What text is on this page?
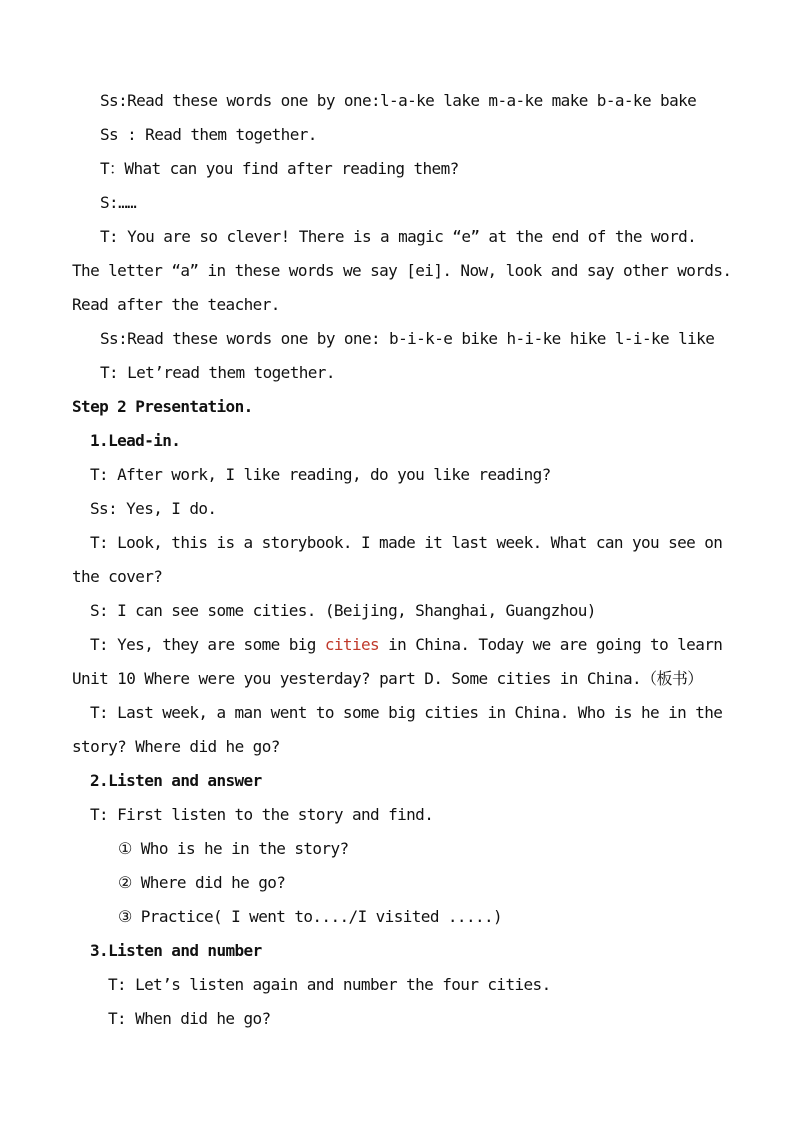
Ss:Read these words one by one:l-a-ke lake m-a-ke make b-a-ke bake
Ss : Read them together.
T：What can you find after reading them?
S:……
T: You are so clever! There is a magic “e” at the end of the word.
The letter “a” in these words we say [ei]. Now, look and say other words.
Read after the teacher.
Ss:Read these words one by one: b-i-k-e bike h-i-ke hike l-i-ke like
T: Let’read them together.
Step 2 Presentation.
1.Lead-in.
T: After work, I like reading, do you like reading?
Ss: Yes, I do.
T: Look, this is a storybook. I made it last week. What can you see on
the cover?
S: I can see some cities. (Beijing, Shanghai, Guangzhou)
T: Yes, they are some big cities in China. Today we are going to learn
Unit 10 Where were you yesterday? part D. Some cities in China.（板书）
T: Last week, a man went to some big cities in China. Who is he in the
story? Where did he go?
2.Listen and answer
T: First listen to the story and find.
① Who is he in the story?
② Where did he go?
③ Practice( I went to..../I visited .....)
3.Listen and number
T: Let’s listen again and number the four cities.
T: When did he go?
